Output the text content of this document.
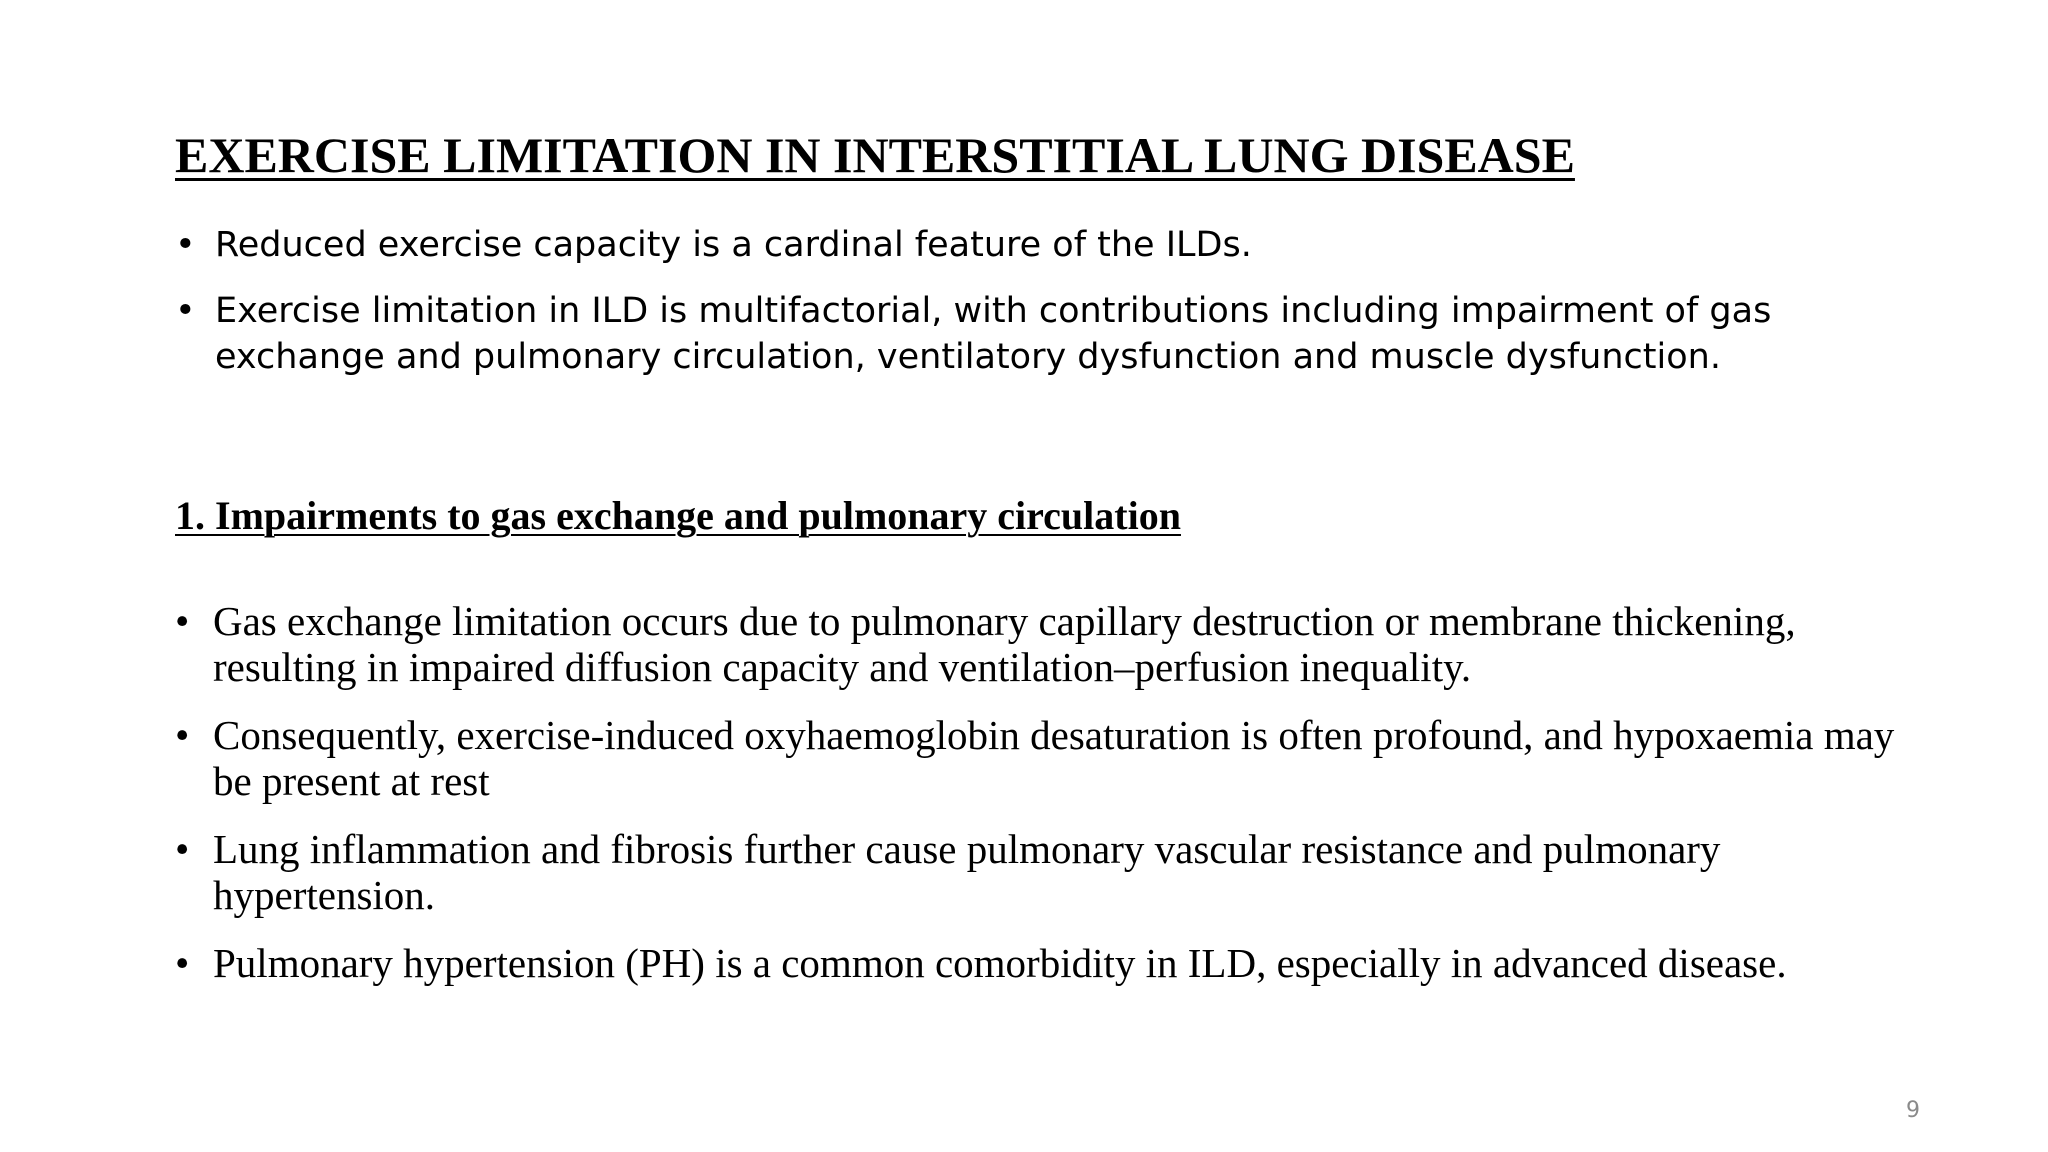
EXERCISE LIMITATION IN INTERSTITIAL LUNG DISEASE
• Reduced exercise capacity is a cardinal feature of the ILDs.
• Exercise limitation in ILD is multifactorial, with contributions including impairment of gas exchange and pulmonary circulation, ventilatory dysfunction and muscle dysfunction.
1. Impairments to gas exchange and pulmonary circulation
• Gas exchange limitation occurs due to pulmonary capillary destruction or membrane thickening, resulting in impaired diffusion capacity and ventilation–perfusion inequality.
• Consequently, exercise-induced oxyhaemoglobin desaturation is often profound, and hypoxaemia may be present at rest
• Lung inflammation and fibrosis further cause pulmonary vascular resistance and pulmonary hypertension.
• Pulmonary hypertension (PH) is a common comorbidity in ILD, especially in advanced disease.
9
